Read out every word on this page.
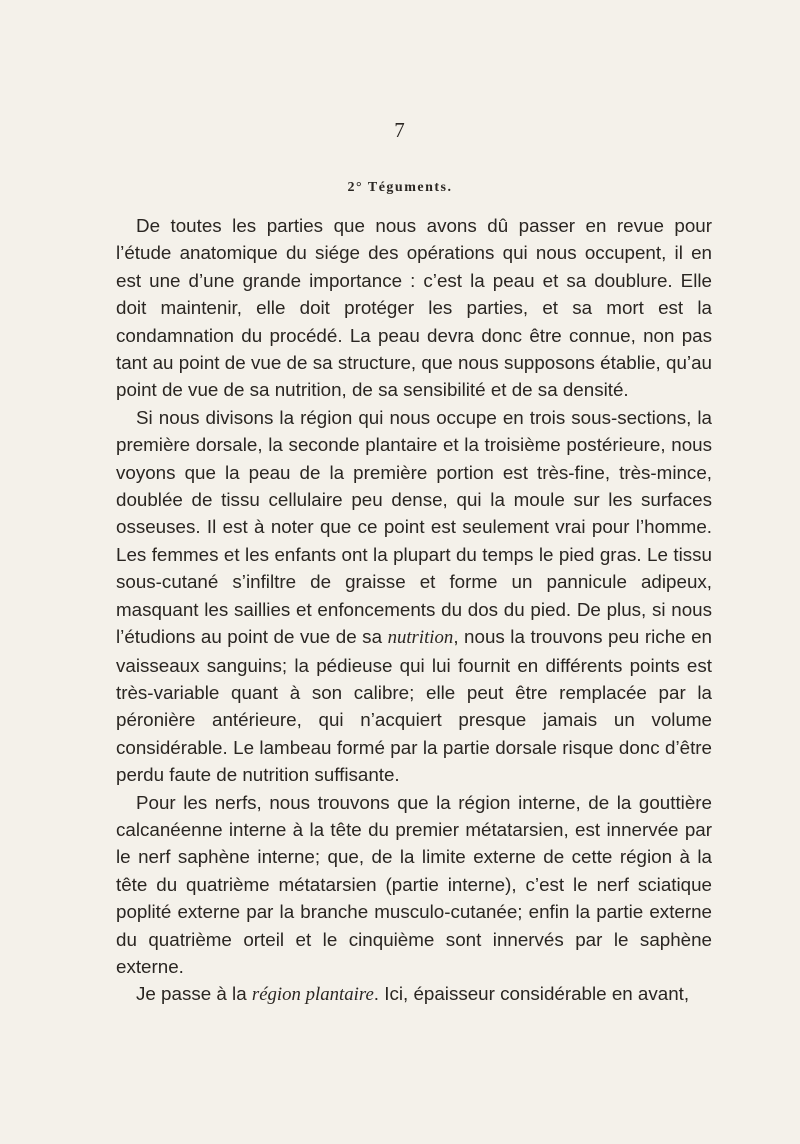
7
2° Téguments.

De toutes les parties que nous avons dû passer en revue pour l’étude anatomique du siége des opérations qui nous occupent, il en est une d’une grande importance : c’est la peau et sa doublure. Elle doit maintenir, elle doit protéger les parties, et sa mort est la condamnation du procédé. La peau devra donc être connue, non pas tant au point de vue de sa structure, que nous supposons établie, qu’au point de vue de sa nutrition, de sa sensibilité et de sa densité.

Si nous divisons la région qui nous occupe en trois sous-sections, la première dorsale, la seconde plantaire et la troisième postérieure, nous voyons que la peau de la première portion est très-fine, très-mince, doublée de tissu cellulaire peu dense, qui la moule sur les surfaces osseuses. Il est à noter que ce point est seulement vrai pour l’homme. Les femmes et les enfants ont la plupart du temps le pied gras. Le tissu sous-cutané s’infiltre de graisse et forme un pannicule adipeux, masquant les saillies et enfoncements du dos du pied. De plus, si nous l’étudions au point de vue de sa nutrition, nous la trouvons peu riche en vaisseaux sanguins; la pédieuse qui lui fournit en différents points est très-variable quant à son calibre; elle peut être remplacée par la péronière antérieure, qui n’acquiert presque jamais un volume considérable. Le lambeau formé par la partie dorsale risque donc d’être perdu faute de nutrition suffisante.

Pour les nerfs, nous trouvons que la région interne, de la gouttière calcanéenne interne à la tête du premier métatarsien, est innervée par le nerf saphène interne; que, de la limite externe de cette région à la tête du quatrième métatarsien (partie interne), c’est le nerf sciatique poplité externe par la branche musculo-cutanée; enfin la partie externe du quatrième orteil et le cinquième sont innervés par le saphène externe.

Je passe à la région plantaire. Ici, épaisseur considérable en avant,
